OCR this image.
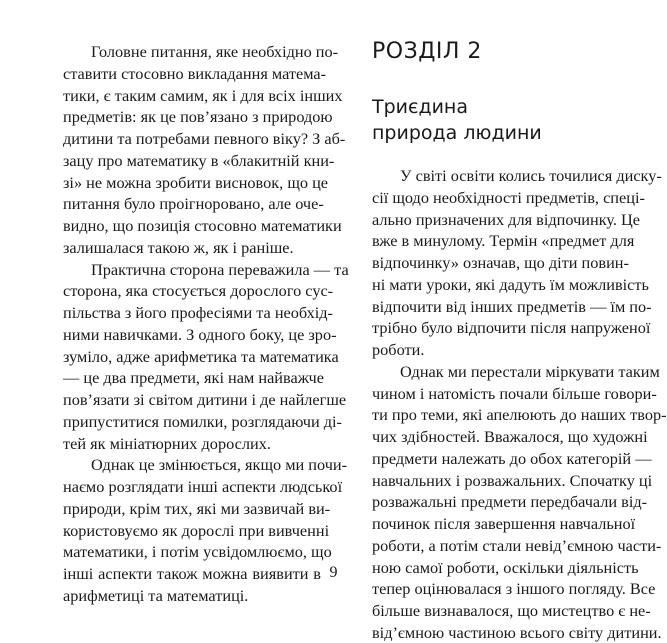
Головне питання, яке необхідно по-
ставити стосовно викладання матема-
тики, є таким самим, як і для всіх інших
предметів: як це пов’язано з природою
дитини та потребами певного віку? З аб-
зацу про математику в «блакитній кни-
зі» не можна зробити висновок, що це
питання було проігноровано, але оче-
видно, що позиція стосовно математики
залишалася такою ж, як і раніше.
Практична сторона переважила — та
сторона, яка стосується дорослого сус-
пільства з його професіями та необхід-
ними навичками. З одного боку, це зро-
зуміло, адже арифметика та математика
— це два предмети, які нам найважче
пов’язати зі світом дитини і де найлегше
припуститися помилки, розглядаючи ді-
тей як мініатюрних дорослих.
Однак це змінюється, якщо ми почи-
наємо розглядати інші аспекти людської
природи, крім тих, які ми зазвичай ви-
користовуємо як дорослі при вивченні
математики, і потім усвідомлюємо, що
інші аспекти також можна виявити в
арифметиці та математиці.
РОЗДІЛ 2
Триєдина
природа людини
У світі освіти колись точилися диску-
сії щодо необхідності предметів, спеці-
ально призначених для відпочинку. Це
вже в минулому. Термін «предмет для
відпочинку» означав, що діти повин-
ні мати уроки, які дадуть їм можливість
відпочити від інших предметів — їм по-
трібно було відпочити після напруженої
роботи.
Однак ми перестали міркувати таким
чином і натомість почали більше говори-
ти про теми, які апелюють до наших твор-
чих здібностей. Вважалося, що художні
предмети належать до обох категорій —
навчальних і розважальних. Спочатку ці
розважальні предмети передбачали від-
починок після завершення навчальної
роботи, а потім стали невід’ємною части-
ною самої роботи, оскільки діяльність
тепер оцінювалася з іншого погляду. Все
більше визнавалося, що мистецтво є не-
від’ємною частиною всього світу дитини.
9
